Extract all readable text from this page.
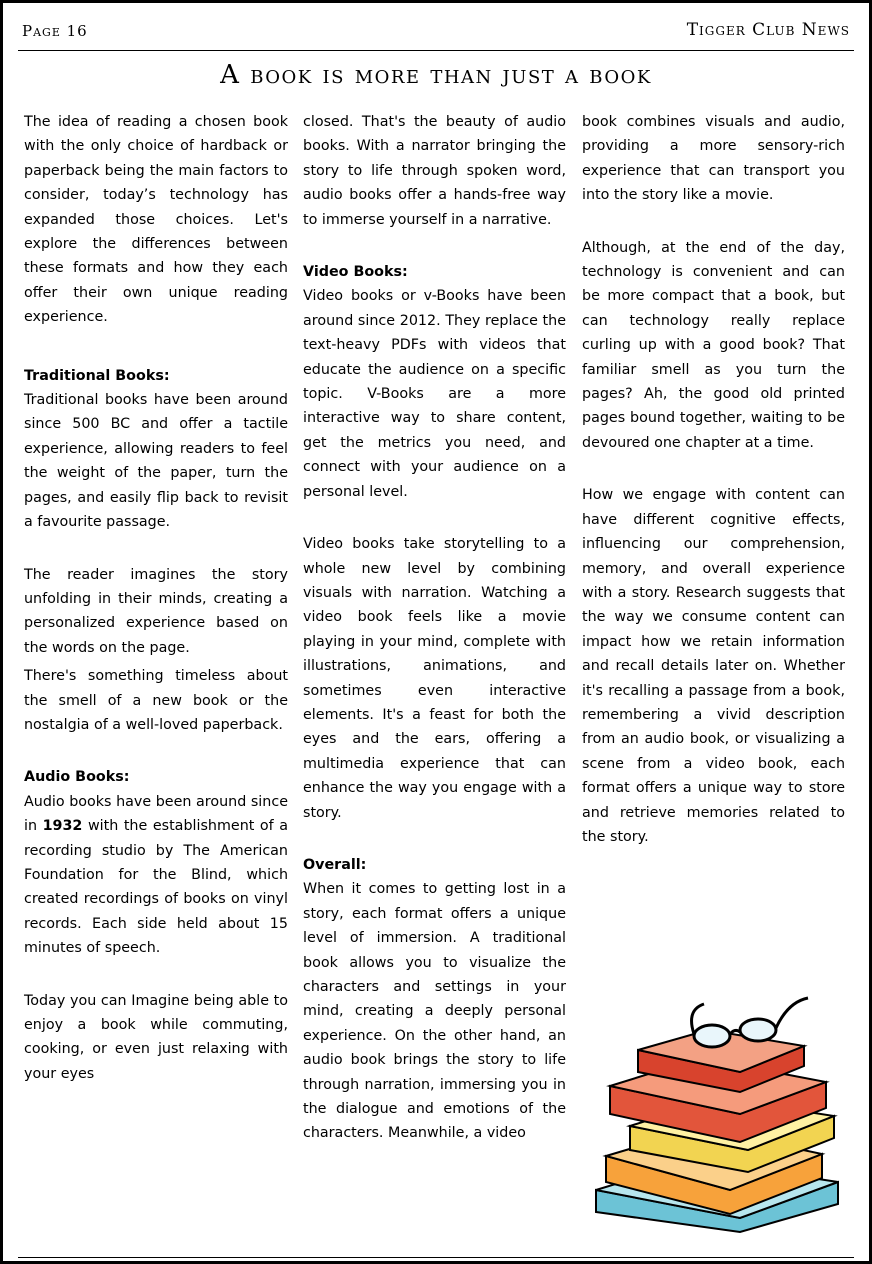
Page 16	Tigger Club News
A book is more than just a book

The idea of reading a chosen book with the only choice of hardback or paperback being the main factors to consider, today’s technology has expanded those choices. Let's explore the differences between these formats and how they each offer their own unique reading experience.

Traditional Books:

Traditional books have been around since 500 BC and offer a tactile experience, allowing readers to feel the weight of the paper, turn the pages, and easily flip back to revisit a favourite passage.

The reader imagines the story unfolding in their minds, creating a personalized experience based on the words on the page.

There's something timeless about the smell of a new book or the nostalgia of a well-loved paperback.

Audio Books:

Audio books have been around since in 1932 with the establishment of a recording studio by The American Foundation for the Blind, which created recordings of books on vinyl records. Each side held about 15 minutes of speech.

Today you can Imagine being able to enjoy a book while commuting, cooking, or even just relaxing with your eyes

closed. That's the beauty of audio books. With a narrator bringing the story to life through spoken word, audio books offer a hands-free way to immerse yourself in a narrative.

Video Books:

Video books or v-Books have been around since 2012. They replace the text-heavy PDFs with videos that educate the audience on a specific topic. V-Books are a more interactive way to share content, get the metrics you need, and connect with your audience on a personal level.

Video books take storytelling to a whole new level by combining visuals with narration. Watching a video book feels like a movie playing in your mind, complete with illustrations, animations, and sometimes even interactive elements. It's a feast for both the eyes and the ears, offering a multimedia experience that can enhance the way you engage with a story.

Overall:

When it comes to getting lost in a story, each format offers a unique level of immersion. A traditional book allows you to visualize the characters and settings in your mind, creating a deeply personal experience. On the other hand, an audio book brings the story to life through narration, immersing you in the dialogue and emotions of the characters. Meanwhile, a video

book combines visuals and audio, providing a more sensory-rich experience that can transport you into the story like a movie.

Although, at the end of the day, technology is convenient and can be more compact that a book, but can technology really replace curling up with a good book? That familiar smell as you turn the pages? Ah, the good old printed pages bound together, waiting to be devoured one chapter at a time.

How we engage with content can have different cognitive effects, influencing our comprehension, memory, and overall experience with a story. Research suggests that the way we consume content can impact how we retain information and recall details later on. Whether it's recalling a passage from a book, remembering a vivid description from an audio book, or visualizing a scene from a video book, each format offers a unique way to store and retrieve memories related to the story.
